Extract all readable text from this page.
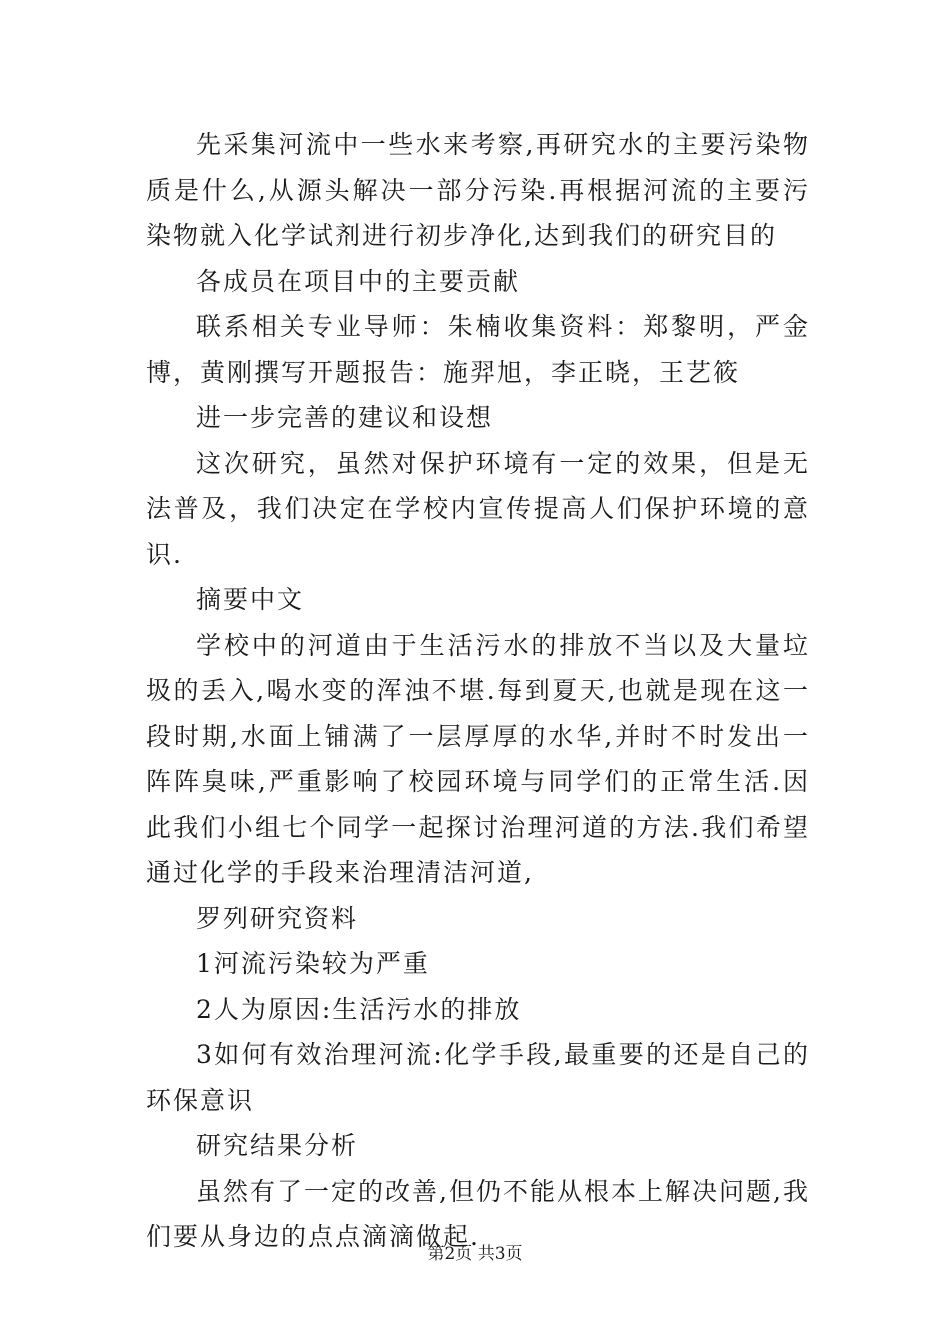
先采集河流中一些水来考察,再研究水的主要污染物质是什么,从源头解决一部分污染.再根据河流的主要污染物就入化学试剂进行初步净化,达到我们的研究目的

各成员在项目中的主要贡献

联系相关专业导师：朱楠收集资料：郑黎明，严金博，黄刚撰写开题报告：施羿旭，李正晓，王艺筱

进一步完善的建议和设想

这次研究，虽然对保护环境有一定的效果，但是无法普及，我们决定在学校内宣传提高人们保护环境的意识.

摘要中文

学校中的河道由于生活污水的排放不当以及大量垃圾的丢入,喝水变的浑浊不堪.每到夏天,也就是现在这一段时期,水面上铺满了一层厚厚的水华,并时不时发出一阵阵臭味,严重影响了校园环境与同学们的正常生活.因此我们小组七个同学一起探讨治理河道的方法.我们希望通过化学的手段来治理清洁河道,

罗列研究资料

1河流污染较为严重

2人为原因:生活污水的排放

3如何有效治理河流:化学手段,最重要的还是自己的环保意识

研究结果分析

虽然有了一定的改善,但仍不能从根本上解决问题,我们要从身边的点点滴滴做起.

第2页 共3页
